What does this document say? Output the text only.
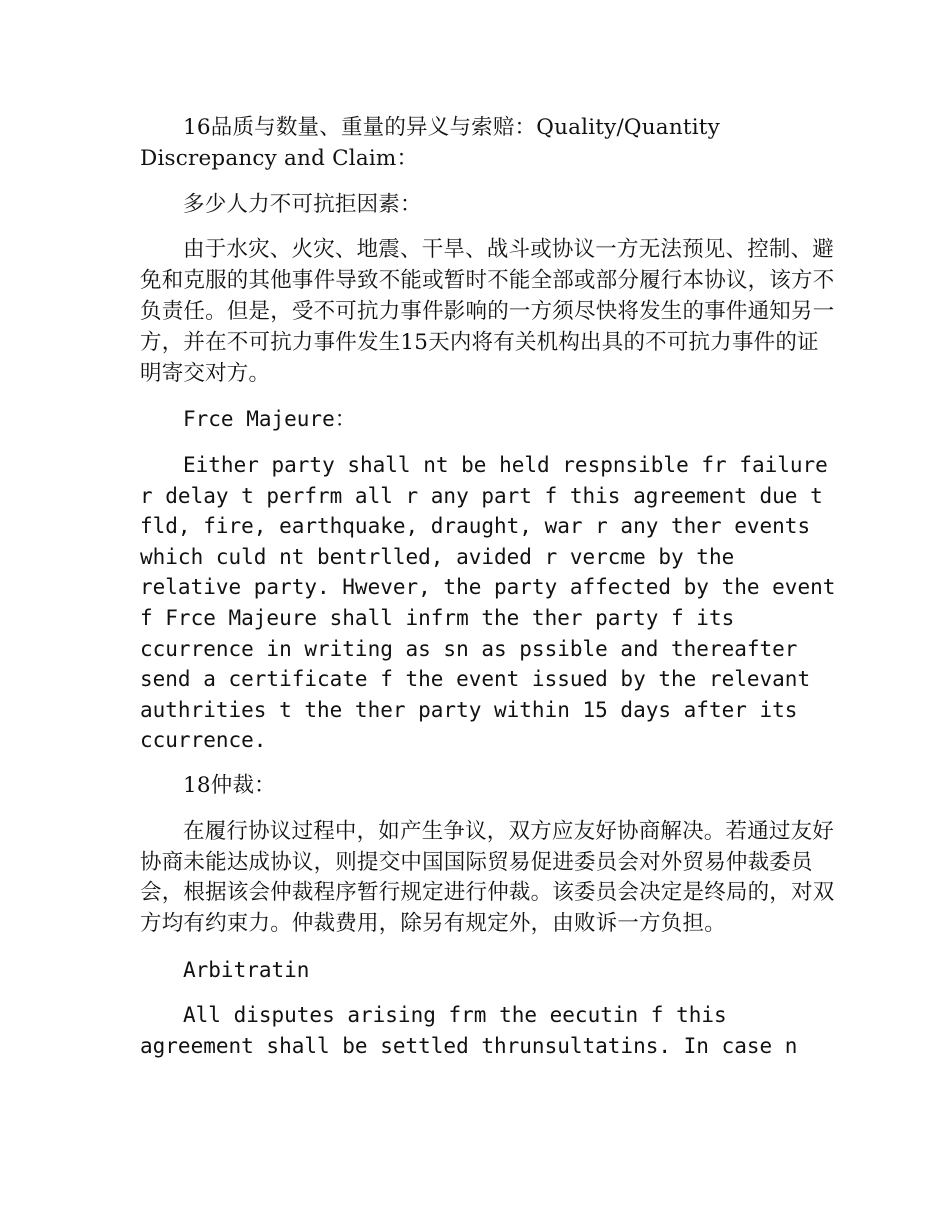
16品质与数量、重量的异义与索赔：Quality/Quantity Discrepancy and Claim：

多少人力不可抗拒因素：

由于水灾、火灾、地震、干旱、战斗或协议一方无法预见、控制、避免和克服的其他事件导致不能或暂时不能全部或部分履行本协议，该方不负责任。但是，受不可抗力事件影响的一方须尽快将发生的事件通知另一方，并在不可抗力事件发生15天内将有关机构出具的不可抗力事件的证明寄交对方。

Frce Majeure：

Either party shall nt be held respnsible fr failure r delay t perfrm all r any part f this agreement due t fld, fire, earthquake, draught, war r any ther events which culd nt bentrlled, avided r vercme by the relative party. Hwever, the party affected by the event f Frce Majeure shall infrm the ther party f its ccurrence in writing as sn as pssible and thereafter send a certificate f the event issued by the relevant authrities t the ther party within 15 days after its ccurrence.

18仲裁：

在履行协议过程中，如产生争议，双方应友好协商解决。若通过友好协商未能达成协议，则提交中国国际贸易促进委员会对外贸易仲裁委员会，根据该会仲裁程序暂行规定进行仲裁。该委员会决定是终局的，对双方均有约束力。仲裁费用，除另有规定外，由败诉一方负担。

Arbitratin

All disputes arising frm the eecutin f this agreement shall be settled thrunsultatins. In case n
